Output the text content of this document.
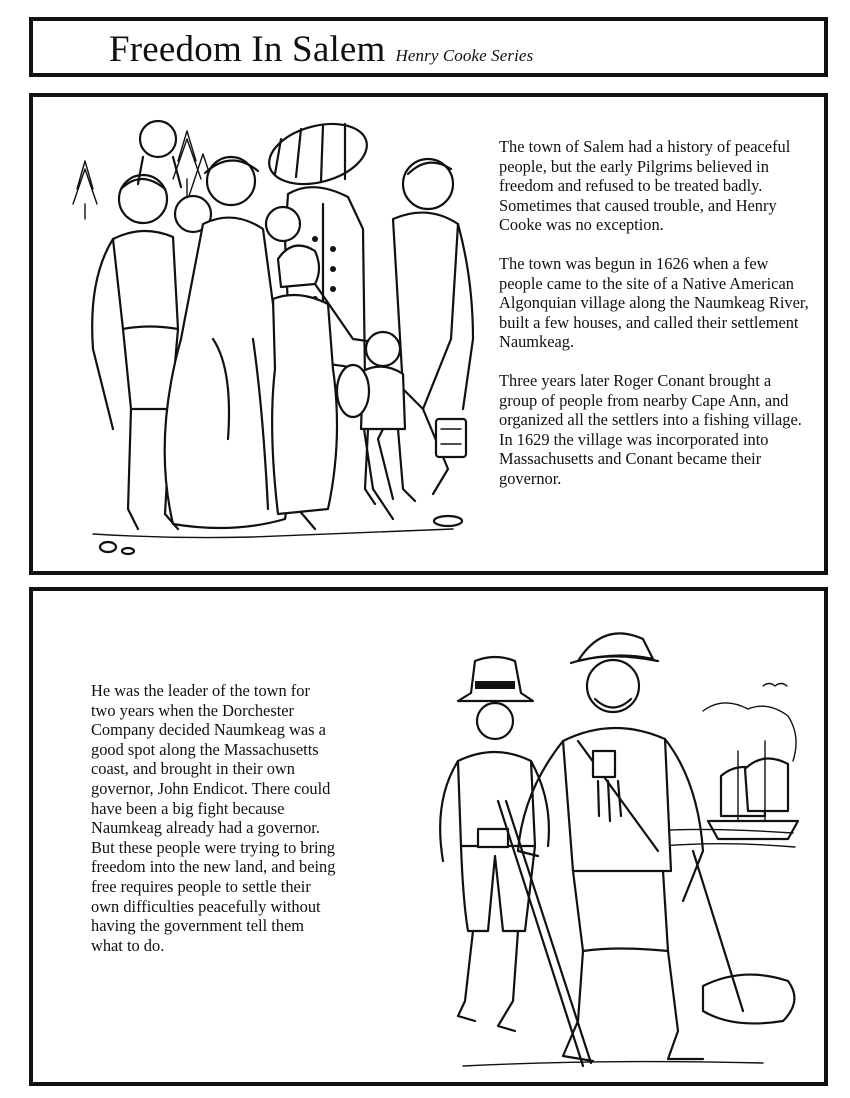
Freedom In Salem Henry Cooke Series

The town of Salem had a history of peaceful people, but the early Pilgrims believed in freedom and refused to be treated badly. Sometimes that caused trouble, and Henry Cooke was no exception.

The town was begun in 1626 when a few people came to the site of a Native American Algonquian village along the Naumkeag River, built a few houses, and called their settlement Naumkeag.

Three years later Roger Conant brought a group of people from nearby Cape Ann, and organized all the settlers into a fishing village. In 1629 the village was incorporated into Massachusetts and Conant became their governor.

He was the leader of the town for two years when the Dorchester Company decided Naumkeag was a good spot along the Massachusetts coast, and brought in their own governor, John Endicot. There could have been a big fight because Naumkeag already had a governor. But these people were trying to bring freedom into the new land, and being free requires people to settle their own difficulties peacefully without having the government tell them what to do.
